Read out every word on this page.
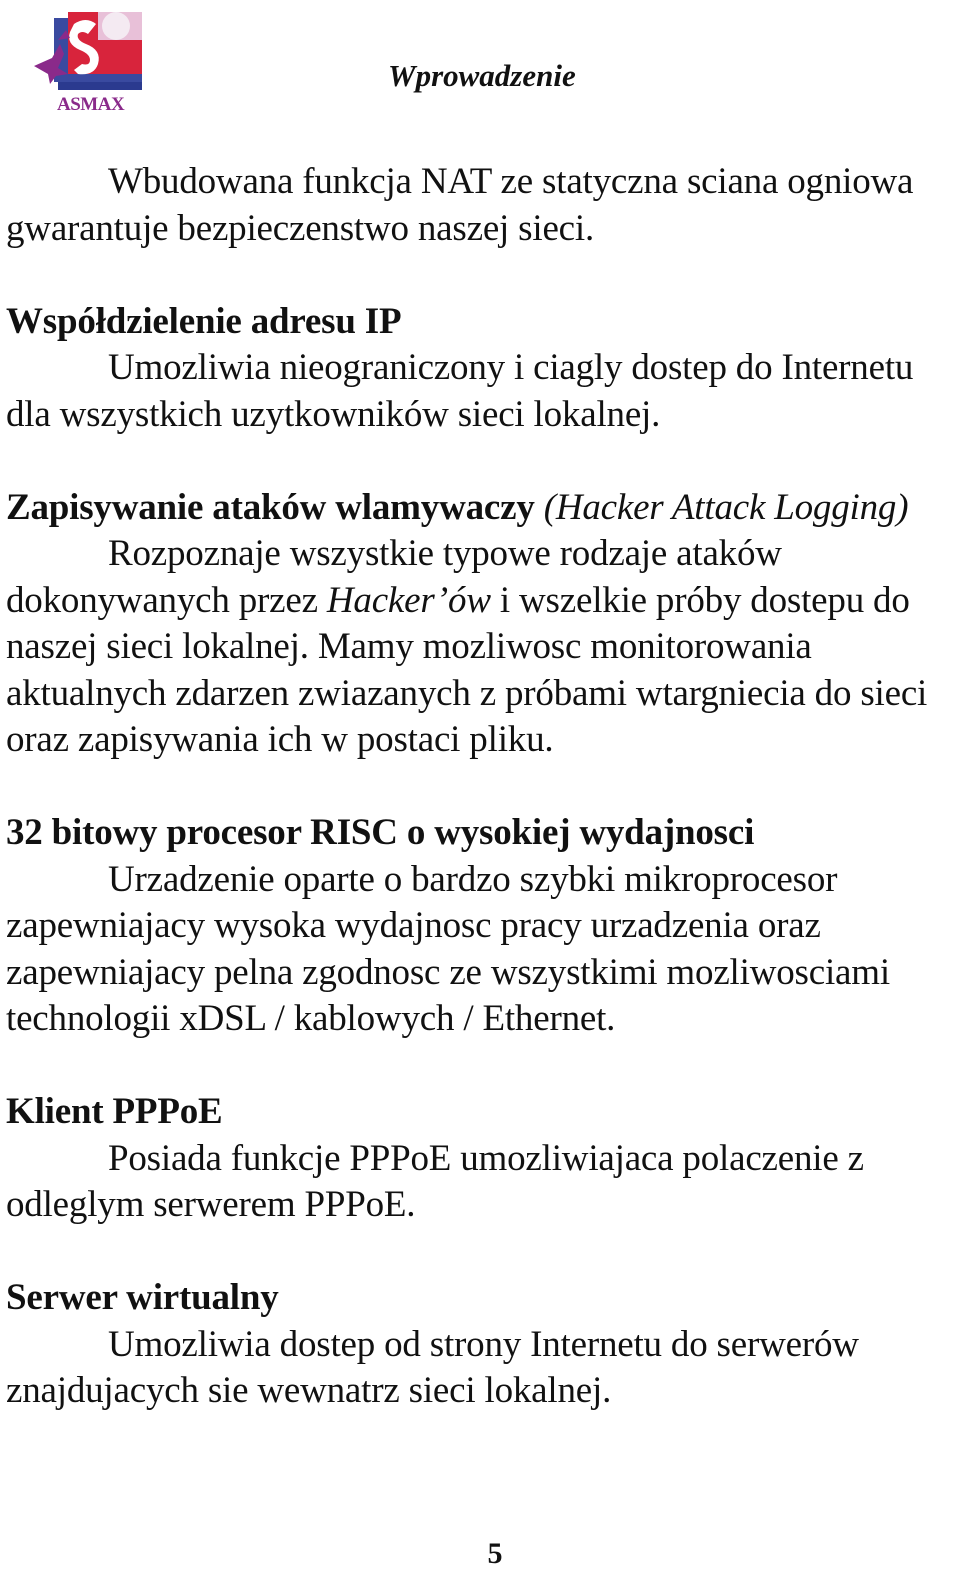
ASMAX
Wprowadzenie

Wbudowana funkcja NAT ze statyczna sciana ogniowa gwarantuje bezpieczenstwo naszej sieci.

Współdzielenie adresu IP

Umozliwia nieograniczony i ciagly dostep do Internetu dla wszystkich uzytkowników sieci lokalnej.

Zapisywanie ataków wlamywaczy (Hacker Attack Logging)

Rozpoznaje wszystkie typowe rodzaje ataków dokonywanych przez Hacker’ów i wszelkie próby dostepu do naszej sieci lokalnej. Mamy mozliwosc monitorowania aktualnych zdarzen zwiazanych z próbami wtargniecia do sieci oraz zapisywania ich w postaci pliku.

32 bitowy procesor RISC o wysokiej wydajnosci

Urzadzenie oparte o bardzo szybki mikroprocesor zapewniajacy wysoka wydajnosc pracy urzadzenia oraz zapewniajacy pelna zgodnosc ze wszystkimi mozliwosciami technologii xDSL / kablowych / Ethernet.

Klient PPPoE

Posiada funkcje PPPoE umozliwiajaca polaczenie z odleglym serwerem PPPoE.

Serwer wirtualny

Umozliwia dostep od strony Internetu do serwerów znajdujacych sie wewnatrz sieci lokalnej.

5
